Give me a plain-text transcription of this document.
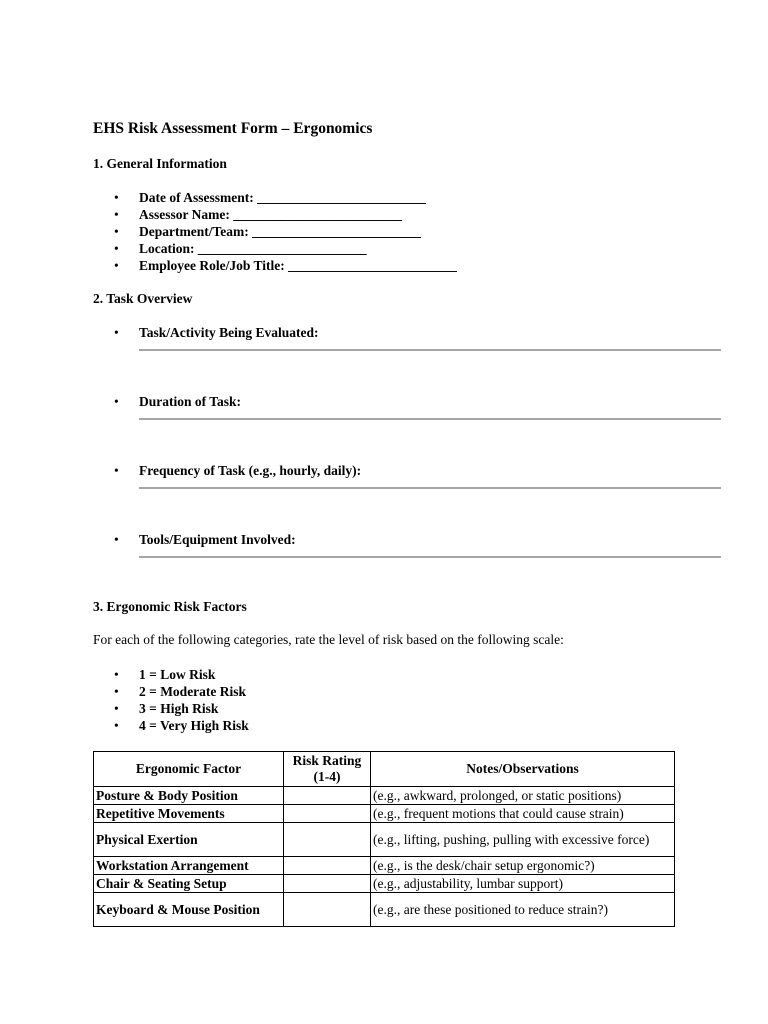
EHS Risk Assessment Form – Ergonomics
1. General Information
• Date of Assessment: _________________________
• Assessor Name: _________________________
• Department/Team: _________________________
• Location: _________________________
• Employee Role/Job Title: _________________________
2. Task Overview
• Task/Activity Being Evaluated:
• Duration of Task:
• Frequency of Task (e.g., hourly, daily):
• Tools/Equipment Involved:
3. Ergonomic Risk Factors
For each of the following categories, rate the level of risk based on the following scale:
• 1 = Low Risk
• 2 = Moderate Risk
• 3 = High Risk
• 4 = Very High Risk
Ergonomic Factor	Risk Rating (1-4)	Notes/Observations
Posture & Body Position		(e.g., awkward, prolonged, or static positions)
Repetitive Movements		(e.g., frequent motions that could cause strain)
Physical Exertion		(e.g., lifting, pushing, pulling with excessive force)
Workstation Arrangement		(e.g., is the desk/chair setup ergonomic?)
Chair & Seating Setup		(e.g., adjustability, lumbar support)
Keyboard & Mouse Position		(e.g., are these positioned to reduce strain?)
